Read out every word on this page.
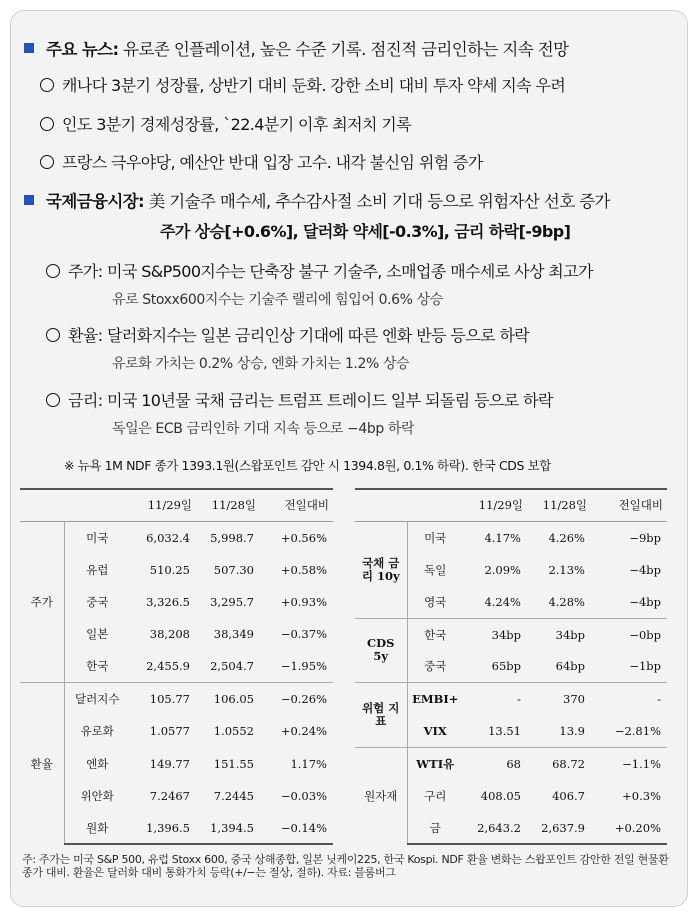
주요 뉴스: 유로존 인플레이션, 높은 수준 기록. 점진적 금리인하는 지속 전망
캐나다 3분기 성장률, 상반기 대비 둔화. 강한 소비 대비 투자 약세 지속 우려
인도 3분기 경제성장률, `22.4분기 이후 최저치 기록
프랑스 극우야당, 예산안 반대 입장 고수. 내각 불신임 위험 증가
국제금융시장: 美 기술주 매수세, 추수감사절 소비 기대 등으로 위험자산 선호 증가
주가 상승[+0.6%], 달러화 약세[-0.3%], 금리 하락[-9bp]
주가: 미국 S&P500지수는 단축장 불구 기술주, 소매업종 매수세로 사상 최고가
유로 Stoxx600지수는 기술주 랠리에 힘입어 0.6% 상승
환율: 달러화지수는 일본 금리인상 기대에 따른 엔화 반등 등으로 하락
유로화 가치는 0.2% 상승, 엔화 가치는 1.2% 상승
금리: 미국 10년물 국채 금리는 트럼프 트레이드 일부 되돌림 등으로 하락
독일은 ECB 금리인하 기대 지속 등으로 −4bp 하락
※ 뉴욕 1M NDF 종가 1393.1원(스왑포인트 감안 시 1394.8원, 0.1% 하락). 한국 CDS 보합
		11/29일	11/28일	전일대비
주가	미국	6,032.4	5,998.7	+0.56%
	유럽	510.25	507.30	+0.58%
	중국	3,326.5	3,295.7	+0.93%
	일본	38,208	38,349	−0.37%
	한국	2,455.9	2,504.7	−1.95%
환율	달러지수	105.77	106.05	−0.26%
	유로화	1.0577	1.0552	+0.24%
	엔화	149.77	151.55	1.17%
	위안화	7.2467	7.2445	−0.03%
	원화	1,396.5	1,394.5	−0.14%
		11/29일	11/28일	전일대비
국채 금리 10y	미국	4.17%	4.26%	−9bp
	독일	2.09%	2.13%	−4bp
	영국	4.24%	4.28%	−4bp
CDS 5y	한국	34bp	34bp	−0bp
	중국	65bp	64bp	−1bp
위험 지표	EMBI+	-	370	-
	VIX	13.51	13.9	−2.81%
원자재	WTI유	68	68.72	−1.1%
	구리	408.05	406.7	+0.3%
	금	2,643.2	2,637.9	+0.20%
주: 주가는 미국 S&P 500, 유럽 Stoxx 600, 중국 상해종합, 일본 닛케이225, 한국 Kospi. NDF 환율 변화는 스왑포인트 감안한 전일 현물환 종가 대비. 환율은 달러화 대비 통화가치 등락(+/−는 절상, 절하). 자료: 블룸버그
